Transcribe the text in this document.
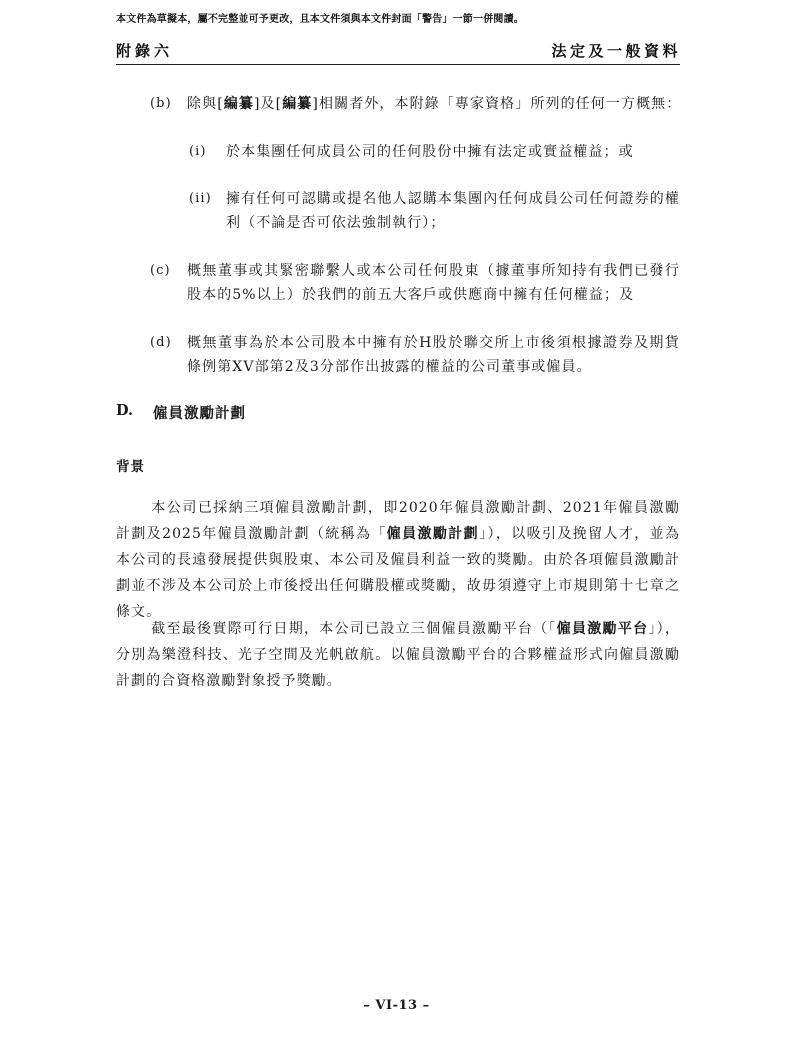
本文件為草擬本，屬不完整並可予更改，且本文件須與本文件封面「警告」一節一併閱讀。
附錄六	法定及一般資料
(b) 除與[編纂]及[編纂]相關者外，本附錄「專家資格」所列的任何一方概無：
(i) 於本集團任何成員公司的任何股份中擁有法定或實益權益；或
(ii) 擁有任何可認購或提名他人認購本集團內任何成員公司任何證券的權利（不論是否可依法強制執行）；
(c) 概無董事或其緊密聯繫人或本公司任何股東（據董事所知持有我們已發行股本的5%以上）於我們的前五大客戶或供應商中擁有任何權益；及
(d) 概無董事為於本公司股本中擁有於H股於聯交所上市後須根據證券及期貨條例第XV部第2及3分部作出披露的權益的公司董事或僱員。
D. 僱員激勵計劃
背景
本公司已採納三項僱員激勵計劃，即2020年僱員激勵計劃、2021年僱員激勵計劃及2025年僱員激勵計劃（統稱為「僱員激勵計劃」），以吸引及挽留人才，並為本公司的長遠發展提供與股東、本公司及僱員利益一致的獎勵。由於各項僱員激勵計劃並不涉及本公司於上市後授出任何購股權或獎勵，故毋須遵守上市規則第十七章之條文。
截至最後實際可行日期，本公司已設立三個僱員激勵平台（「僱員激勵平台」），分別為樂澄科技、光子空間及光帆啟航。以僱員激勵平台的合夥權益形式向僱員激勵計劃的合資格激勵對象授予獎勵。
– VI-13 –
